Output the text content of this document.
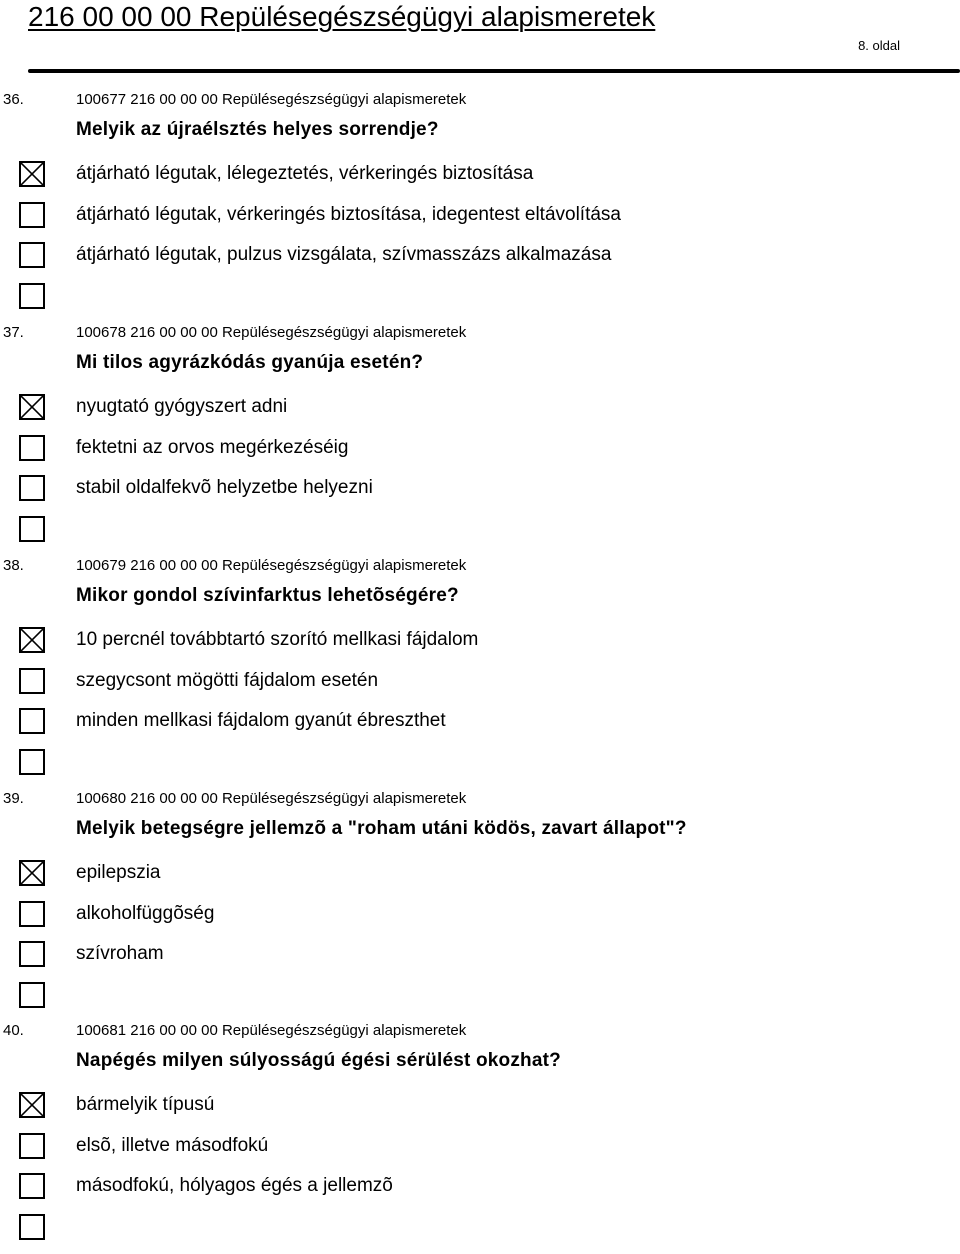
216 00 00 00 Repülésegészségügyi alapismeretek
8. oldal
36.	100677 216 00 00 00 Repülésegészségügyi alapismeretek
Melyik az újraélsztés helyes sorrendje?
átjárható légutak, lélegeztetés, vérkeringés biztosítása
átjárható légutak, vérkeringés biztosítása, idegentest eltávolítása
átjárható légutak, pulzus vizsgálata, szívmasszázs alkalmazása
37.	100678 216 00 00 00 Repülésegészségügyi alapismeretek
Mi tilos agyrázkódás gyanúja esetén?
nyugtató gyógyszert adni
fektetni az orvos megérkezéséig
stabil oldalfekvõ helyzetbe helyezni
38.	100679 216 00 00 00 Repülésegészségügyi alapismeretek
Mikor gondol szívinfarktus lehetõségére?
10 percnél továbbtartó szorító mellkasi fájdalom
szegycsont mögötti fájdalom esetén
minden mellkasi fájdalom gyanút ébreszthet
39.	100680 216 00 00 00 Repülésegészségügyi alapismeretek
Melyik betegségre jellemzõ a "roham utáni ködös, zavart állapot"?
epilepszia
alkoholfüggõség
szívroham
40.	100681 216 00 00 00 Repülésegészségügyi alapismeretek
Napégés milyen súlyosságú égési sérülést okozhat?
bármelyik típusú
elsõ, illetve másodfokú
másodfokú, hólyagos égés a jellemzõ
